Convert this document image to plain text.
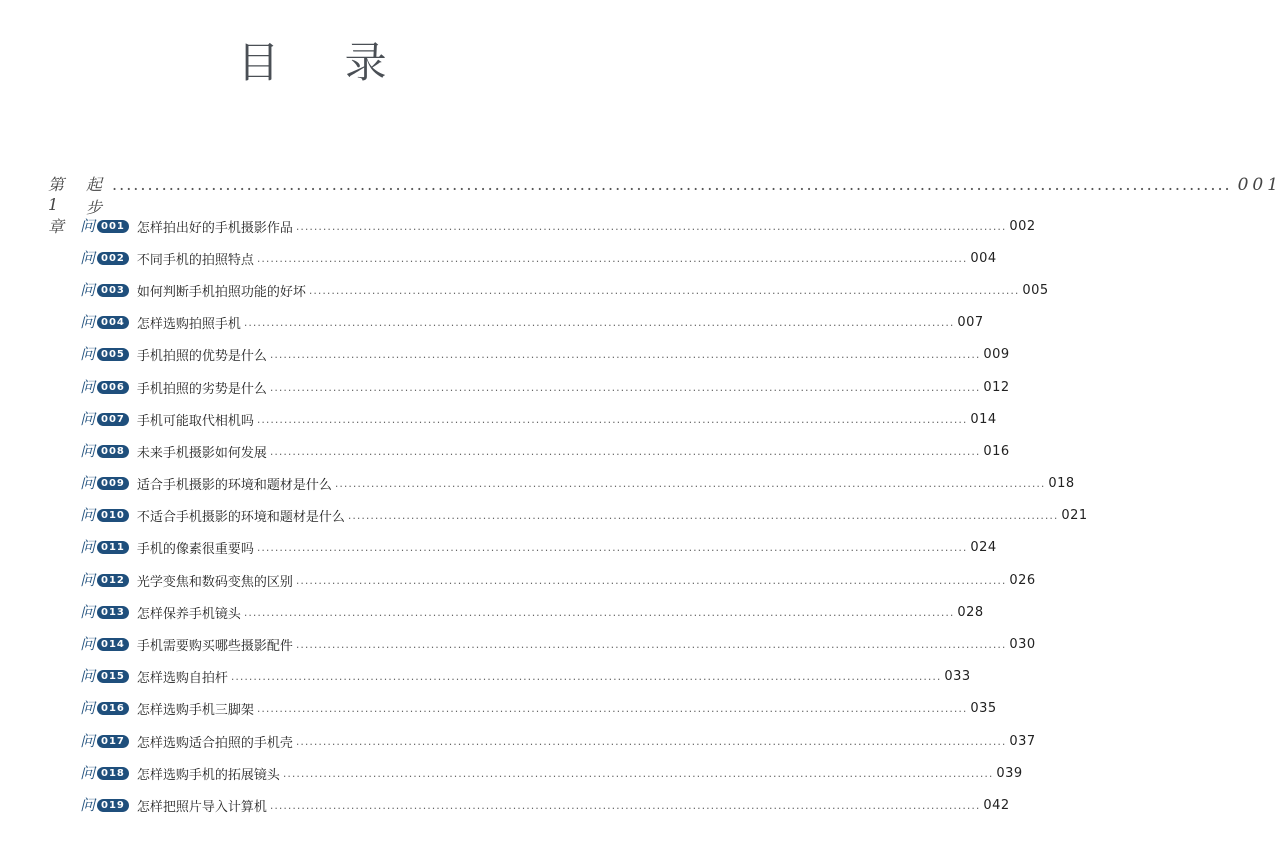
目 录
第 1 章
起 步
.............................................................................................................................................................. 001
问 001 怎样拍出好的手机摄影作品 .............................................................................................................................................................. 002
问 002 不同手机的拍照特点 .............................................................................................................................................................. 004
问 003 如何判断手机拍照功能的好坏 .............................................................................................................................................................. 005
问 004 怎样选购拍照手机 .............................................................................................................................................................. 007
问 005 手机拍照的优势是什么 .............................................................................................................................................................. 009
问 006 手机拍照的劣势是什么 .............................................................................................................................................................. 012
问 007 手机可能取代相机吗 .............................................................................................................................................................. 014
问 008 未来手机摄影如何发展 .............................................................................................................................................................. 016
问 009 适合手机摄影的环境和题材是什么 .............................................................................................................................................................. 018
问 010 不适合手机摄影的环境和题材是什么 .............................................................................................................................................................. 021
问 011 手机的像素很重要吗 .............................................................................................................................................................. 024
问 012 光学变焦和数码变焦的区别 .............................................................................................................................................................. 026
问 013 怎样保养手机镜头 .............................................................................................................................................................. 028
问 014 手机需要购买哪些摄影配件 .............................................................................................................................................................. 030
问 015 怎样选购自拍杆 .............................................................................................................................................................. 033
问 016 怎样选购手机三脚架 .............................................................................................................................................................. 035
问 017 怎样选购适合拍照的手机壳 .............................................................................................................................................................. 037
问 018 怎样选购手机的拓展镜头 .............................................................................................................................................................. 039
问 019 怎样把照片导入计算机 .............................................................................................................................................................. 042
